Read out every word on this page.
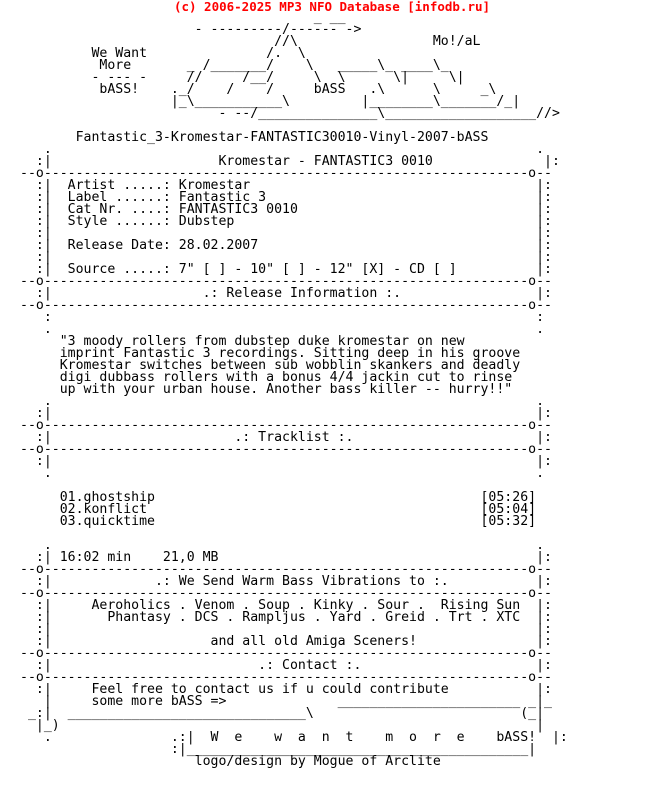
(c) 2006-2025 MP3 NFO Database [infodb.ru]
_ __
- ---------/------ ->
//\                 Mo!/aL
We Want               /.  \
More       _ /_______/    \   _____\_ ____\_
- --- -     //     /__/     \  \      \|     \|
bASS!    ._/    /    /     bASS   .\      \     _\
|_\___________\         |________\_______/_|
- --/_______________\___________________//>

Fantastic_3-Kromestar-FANTASTIC30010-Vinyl-2007-bASS
.                                                             .
:|                     Kromestar - FANTASTIC3 0010              |:
--o-------------------------------------------------------------o--
:|  Artist .....: Kromestar                                    |:
:|  Label ......: Fantastic 3                                  |:
:|  Cat Nr. ....: FANTASTIC3 0010                              |:
:|  Style ......: Dubstep                                      |:
:|                                                             |:
:|  Release Date: 28.02.2007                                   |:
:|                                                             |:
:|  Source .....: 7" [ ] - 10" [ ] - 12" [X] - CD [ ]          |:
--o-------------------------------------------------------------o--
:|                   .: Release Information :.                 |:
--o-------------------------------------------------------------o--
:                                                             :
.                                                             .
"3 moody rollers from dubstep duke kromestar on new
imprint Fantastic 3 recordings. Sitting deep in his groove
Kromestar switches between sub wobblin skankers and deadly
digi dubbass rollers with a bonus 4/4 jackin cut to rinse
up with your urban house. Another bass killer -- hurry!!"
.                                                             .
:|                                                             |:
--o-------------------------------------------------------------o--
:|                       .: Tracklist :.                       |:
--o-------------------------------------------------------------o--
:|                                                             |:
.                                                             .

01.ghostship                                         [05:26]
02.konflict                                          [05:04]
03.quicktime                                         [05:32]

.                                                             .
:| 16:02 min    21,0 MB                                        |:
--o-------------------------------------------------------------o--
:|             .: We Send Warm Bass Vibrations to :.           |:
--o-------------------------------------------------------------o--
:|     Aeroholics . Venom . Soup . Kinky . Sour .  Rising Sun  |:
:|       Phantasy . DCS . Rampljus . Yard . Greid . Trt . XTC  |:
:|                                                             |:
:|                    and all old Amiga Sceners!               |:
--o-------------------------------------------------------------o--
:|                          .: Contact :.                      |:
--o-------------------------------------------------------------o--
:|     Feel free to contact us if u could contribute           |:
|     some more bASS =>              _______________________ _|_
_:|  ______________________________\                          (_|
|_)                                                            |
.               .:|  W  e    w  a  n  t    m  o  r  e    bASS!  |:
:|___________________________________________|
logo/design by Mogue of Arclite
